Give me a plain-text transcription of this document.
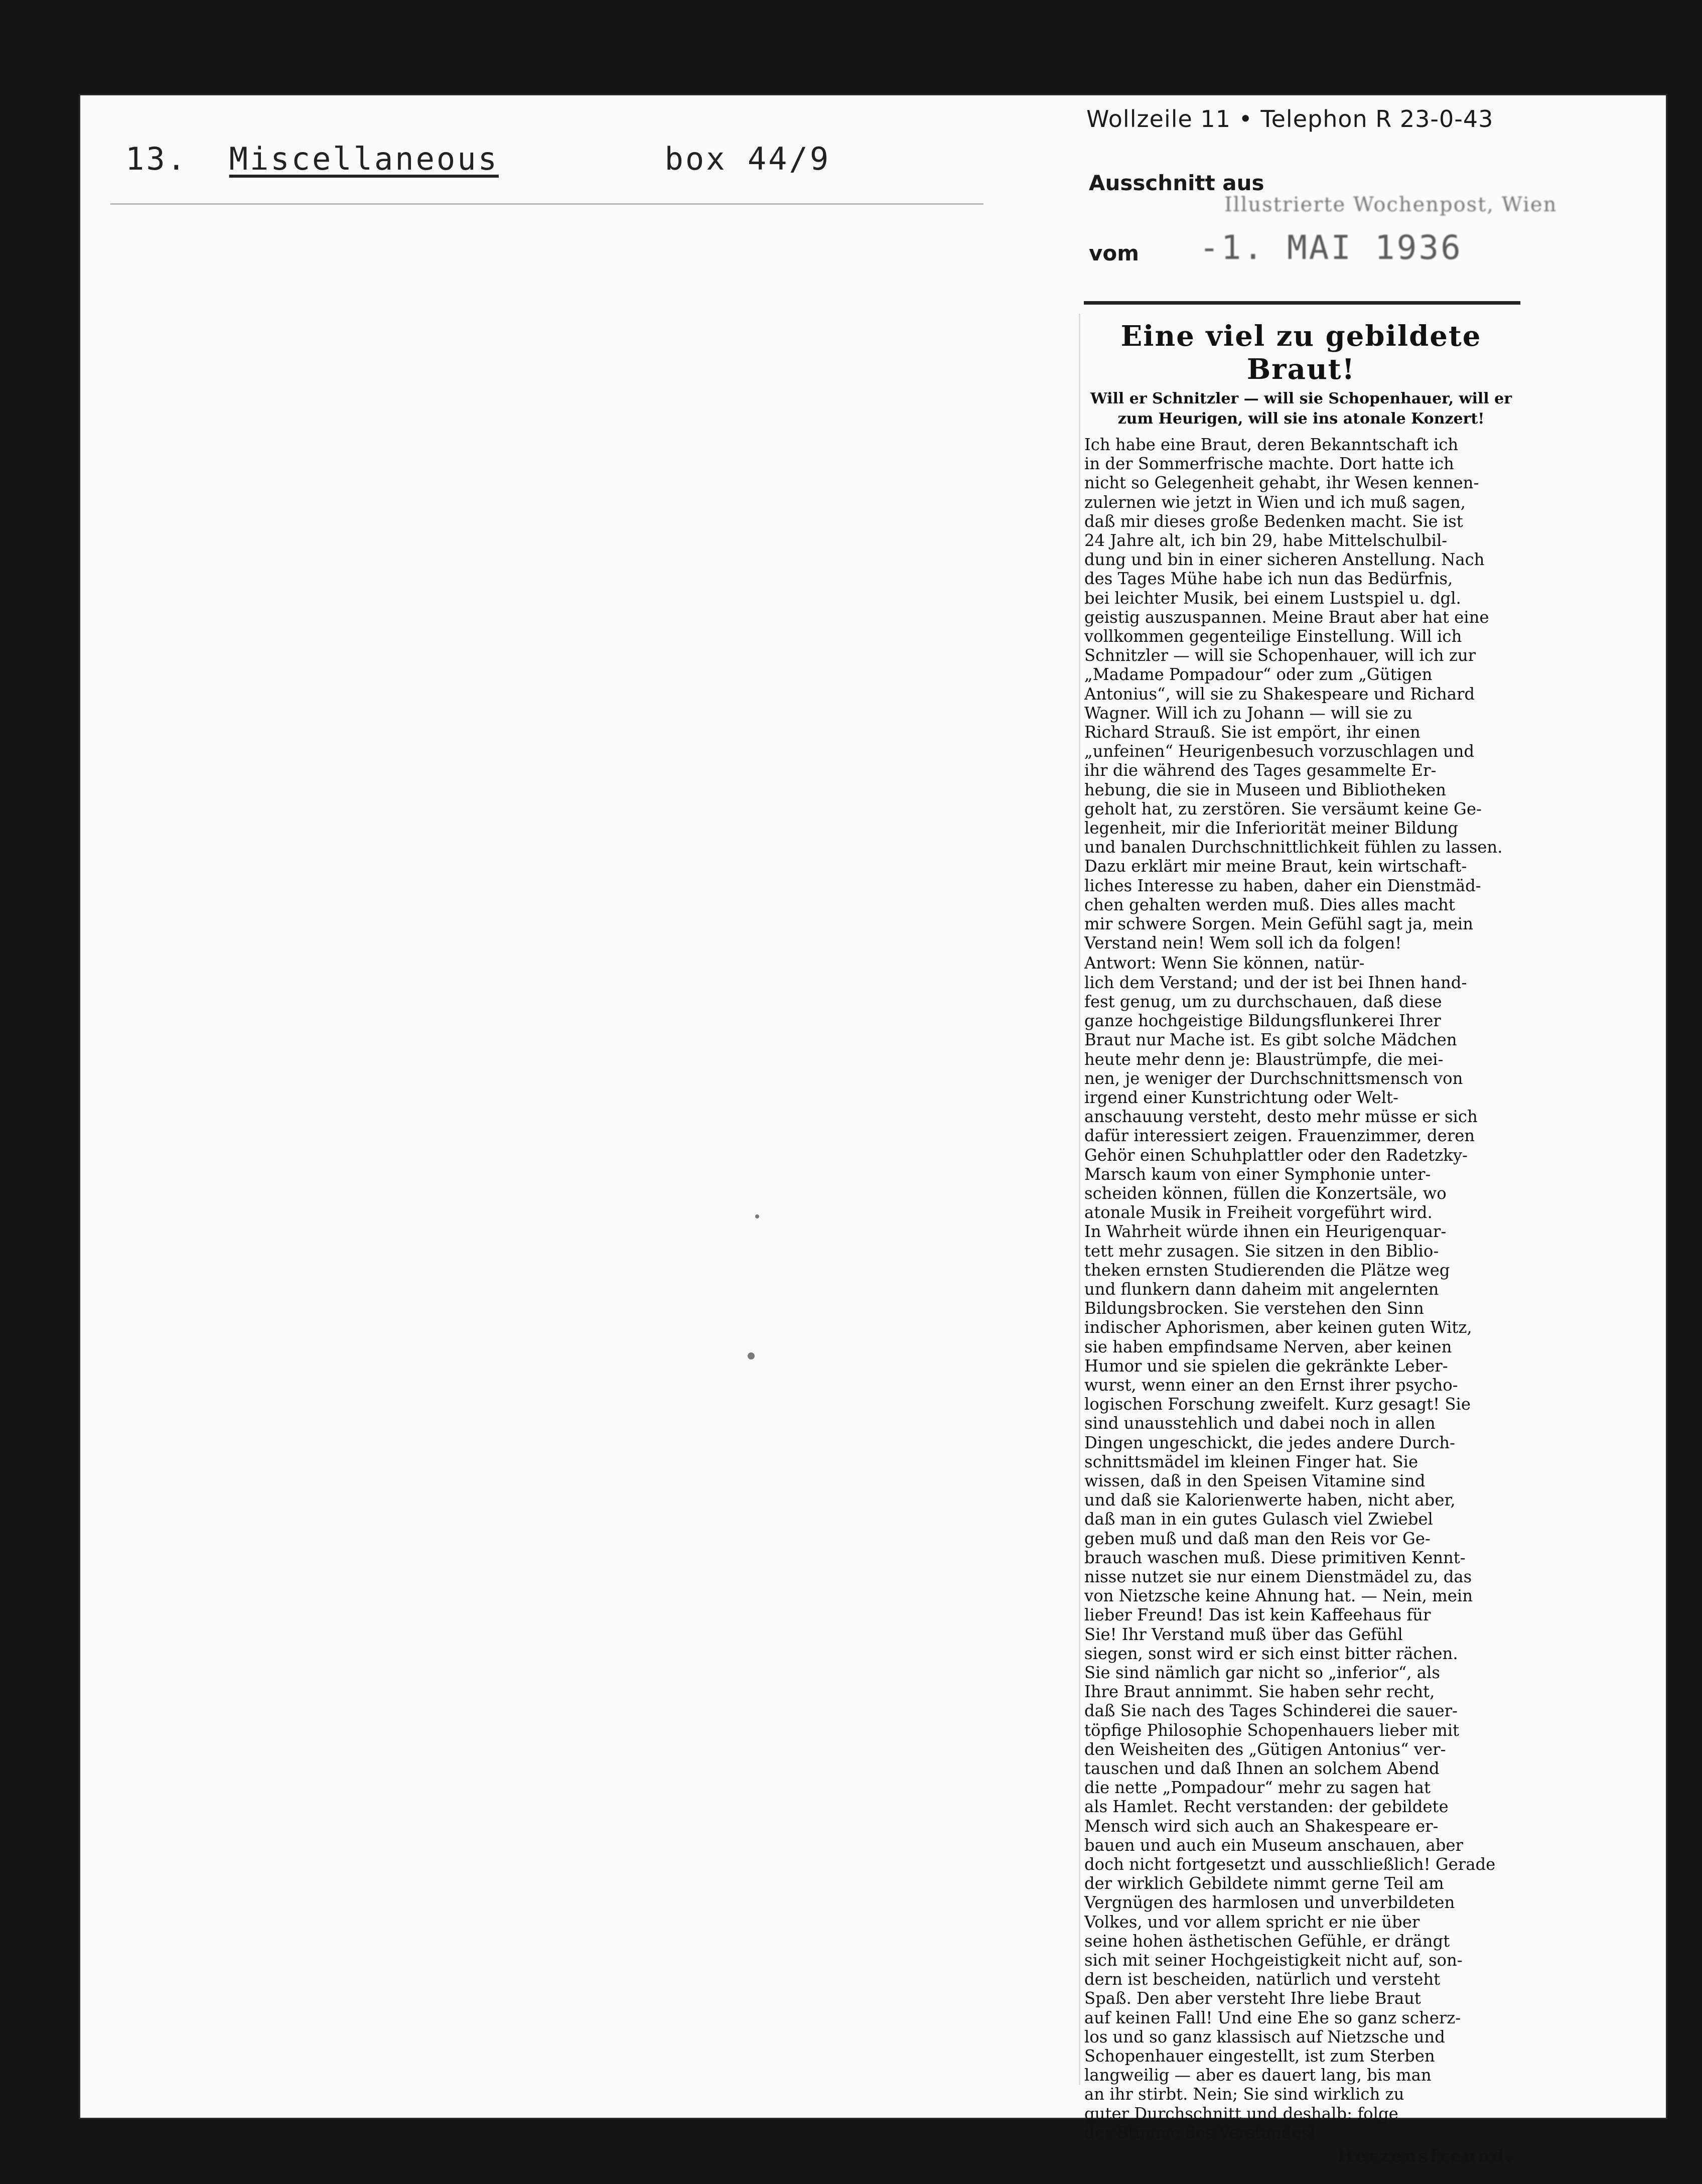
13. Miscellaneous	box 44/9
Wollzeile 11 • Telephon R 23-0-43
Ausschnitt aus
Illustrierte Wochenpost, Wien
vom -1. MAI 1936
Eine viel zu gebildete Braut!
Will er Schnitzler — will sie Schopenhauer, will er zum Heurigen, will sie ins atonale Konzert!
Ich habe eine Braut, deren Bekanntschaft ich
in der Sommerfrische machte. Dort hatte ich
nicht so Gelegenheit gehabt, ihr Wesen kennen-
zulernen wie jetzt in Wien und ich muß sagen,
daß mir dieses große Bedenken macht. Sie ist
24 Jahre alt, ich bin 29, habe Mittelschulbil-
dung und bin in einer sicheren Anstellung. Nach
des Tages Mühe habe ich nun das Bedürfnis,
bei leichter Musik, bei einem Lustspiel u. dgl.
geistig auszuspannen. Meine Braut aber hat eine
vollkommen gegenteilige Einstellung. Will ich
Schnitzler — will sie Schopenhauer, will ich zur
„Madame Pompadour“ oder zum „Gütigen
Antonius“, will sie zu Shakespeare und Richard
Wagner. Will ich zu Johann — will sie zu
Richard Strauß. Sie ist empört, ihr einen
„unfeinen“ Heurigenbesuch vorzuschlagen und
ihr die während des Tages gesammelte Er-
hebung, die sie in Museen und Bibliotheken
geholt hat, zu zerstören. Sie versäumt keine Ge-
legenheit, mir die Inferiorität meiner Bildung
und banalen Durchschnittlichkeit fühlen zu lassen.
Dazu erklärt mir meine Braut, kein wirtschaft-
liches Interesse zu haben, daher ein Dienstmäd-
chen gehalten werden muß. Dies alles macht
mir schwere Sorgen. Mein Gefühl sagt ja, mein
Verstand nein! Wem soll ich da folgen!
Antwort: Wenn Sie können, natür-
lich dem Verstand; und der ist bei Ihnen hand-
fest genug, um zu durchschauen, daß diese
ganze hochgeistige Bildungsflunkerei Ihrer
Braut nur Mache ist. Es gibt solche Mädchen
heute mehr denn je: Blaustrümpfe, die mei-
nen, je weniger der Durchschnittsmensch von
irgend einer Kunstrichtung oder Welt-
anschauung versteht, desto mehr müsse er sich
dafür interessiert zeigen. Frauenzimmer, deren
Gehör einen Schuhplattler oder den Radetzky-
Marsch kaum von einer Symphonie unter-
scheiden können, füllen die Konzertsäle, wo
atonale Musik in Freiheit vorgeführt wird.
In Wahrheit würde ihnen ein Heurigenquar-
tett mehr zusagen. Sie sitzen in den Biblio-
theken ernsten Studierenden die Plätze weg
und flunkern dann daheim mit angelernten
Bildungsbrocken. Sie verstehen den Sinn
indischer Aphorismen, aber keinen guten Witz,
sie haben empfindsame Nerven, aber keinen
Humor und sie spielen die gekränkte Leber-
wurst, wenn einer an den Ernst ihrer psycho-
logischen Forschung zweifelt. Kurz gesagt! Sie
sind unausstehlich und dabei noch in allen
Dingen ungeschickt, die jedes andere Durch-
schnittsmädel im kleinen Finger hat. Sie
wissen, daß in den Speisen Vitamine sind
und daß sie Kalorienwerte haben, nicht aber,
daß man in ein gutes Gulasch viel Zwiebel
geben muß und daß man den Reis vor Ge-
brauch waschen muß. Diese primitiven Kennt-
nisse nutzet sie nur einem Dienstmädel zu, das
von Nietzsche keine Ahnung hat. — Nein, mein
lieber Freund! Das ist kein Kaffeehaus für
Sie! Ihr Verstand muß über das Gefühl
siegen, sonst wird er sich einst bitter rächen.
Sie sind nämlich gar nicht so „inferior“, als
Ihre Braut annimmt. Sie haben sehr recht,
daß Sie nach des Tages Schinderei die sauer-
töpfige Philosophie Schopenhauers lieber mit
den Weisheiten des „Gütigen Antonius“ ver-
tauschen und daß Ihnen an solchem Abend
die nette „Pompadour“ mehr zu sagen hat
als Hamlet. Recht verstanden: der gebildete
Mensch wird sich auch an Shakespeare er-
bauen und auch ein Museum anschauen, aber
doch nicht fortgesetzt und ausschließlich! Gerade
der wirklich Gebildete nimmt gerne Teil am
Vergnügen des harmlosen und unverbildeten
Volkes, und vor allem spricht er nie über
seine hohen ästhetischen Gefühle, er drängt
sich mit seiner Hochgeistigkeit nicht auf, son-
dern ist bescheiden, natürlich und versteht
Spaß. Den aber versteht Ihre liebe Braut
auf keinen Fall! Und eine Ehe so ganz scherz-
los und so ganz klassisch auf Nietzsche und
Schopenhauer eingestellt, ist zum Sterben
langweilig — aber es dauert lang, bis man
an ihr stirbt. Nein; Sie sind wirklich zu
guter Durchschnitt und deshalb: folge
der Stimme des Verstandes!
Herzensfreund.
